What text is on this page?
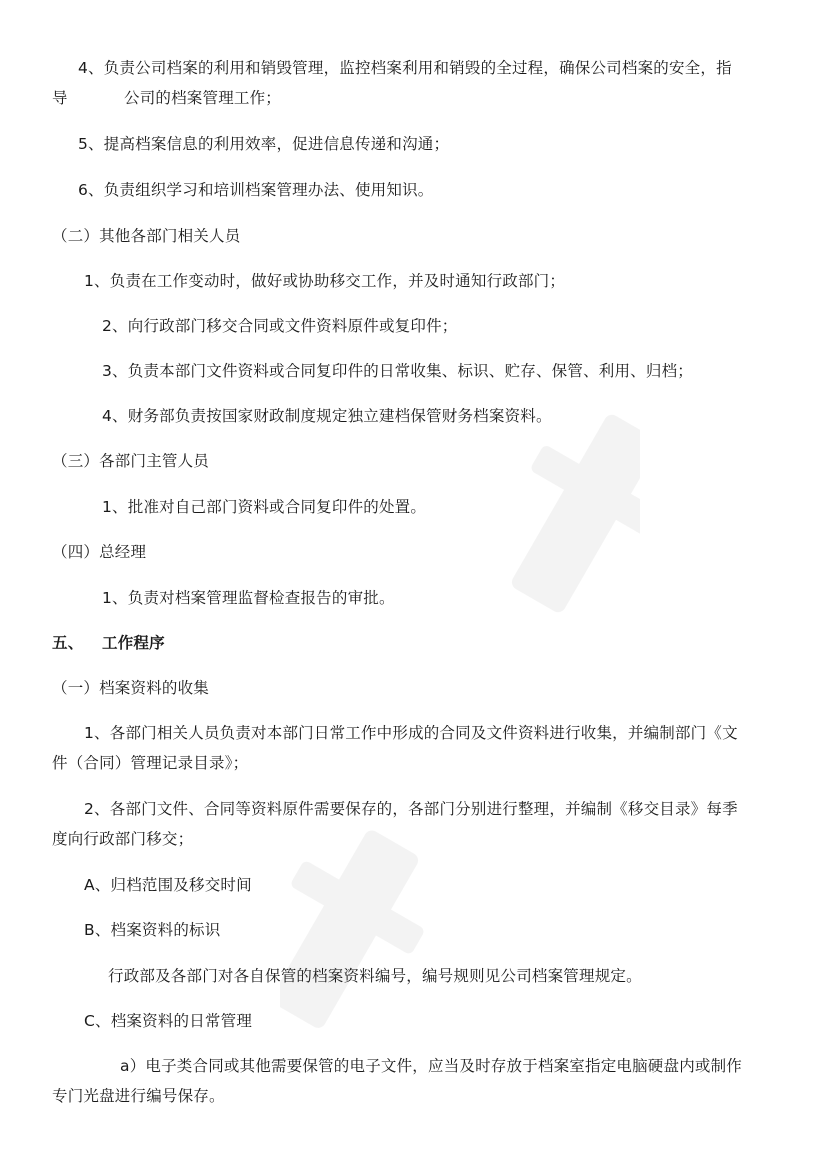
4、负责公司档案的利用和销毁管理，监控档案利用和销毁的全过程，确保公司档案的安全，指
导	公司的档案管理工作；
5、提高档案信息的利用效率，促进信息传递和沟通；
6、负责组织学习和培训档案管理办法、使用知识。
（二）其他各部门相关人员
1、负责在工作变动时，做好或协助移交工作，并及时通知行政部门；
2、向行政部门移交合同或文件资料原件或复印件；
3、负责本部门文件资料或合同复印件的日常收集、标识、贮存、保管、利用、归档；
4、财务部负责按国家财政制度规定独立建档保管财务档案资料。
（三）各部门主管人员
1、批准对自己部门资料或合同复印件的处置。
（四）总经理
1、负责对档案管理监督检查报告的审批。
五、 工作程序
（一）档案资料的收集
1、各部门相关人员负责对本部门日常工作中形成的合同及文件资料进行收集，并编制部门《文
件（合同）管理记录目录》；
2、各部门文件、合同等资料原件需要保存的，各部门分别进行整理，并编制《移交目录》每季
度向行政部门移交；
A、归档范围及移交时间
B、档案资料的标识
行政部及各部门对各自保管的档案资料编号，编号规则见公司档案管理规定。
C、档案资料的日常管理
a）电子类合同或其他需要保管的电子文件，应当及时存放于档案室指定电脑硬盘内或制作
专门光盘进行编号保存。
